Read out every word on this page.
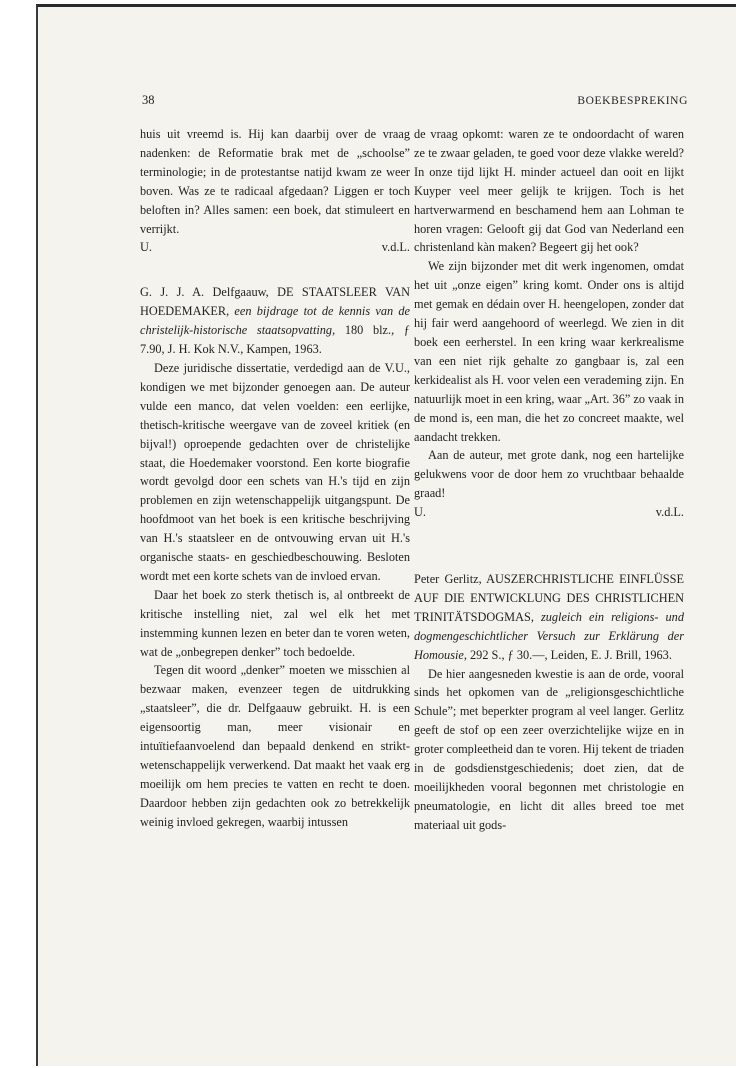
38	BOEKBESPREKING

huis uit vreemd is. Hij kan daarbij over de vraag nadenken: de Reformatie brak met de „schoolse” terminologie; in de protestantse natijd kwam ze weer boven. Was ze te radicaal afgedaan? Liggen er toch beloften in? Alles samen: een boek, dat stimuleert en verrijkt.

U.	v.d.L.

G. J. J. A. Delfgaauw, DE STAATSLEER VAN HOEDEMAKER, een bijdrage tot de kennis van de christelijk-historische staatsopvatting, 180 blz., ƒ 7.90, J. H. Kok N.V., Kampen, 1963.

Deze juridische dissertatie, verdedigd aan de V.U., kondigen we met bijzonder genoegen aan. De auteur vulde een manco, dat velen voelden: een eerlijke, thetisch-kritische weergave van de zoveel kritiek (en bijval!) oproepende gedachten over de christelijke staat, die Hoedemaker voorstond. Een korte biografie wordt gevolgd door een schets van H.'s tijd en zijn problemen en zijn wetenschappelijk uitgangspunt. De hoofdmoot van het boek is een kritische beschrijving van H.'s staatsleer en de ontvouwing ervan uit H.'s organische staats- en geschiedbeschouwing. Besloten wordt met een korte schets van de invloed ervan.

Daar het boek zo sterk thetisch is, al ontbreekt de kritische instelling niet, zal wel elk het met instemming kunnen lezen en beter dan te voren weten, wat de „onbegrepen denker” toch bedoelde.

Tegen dit woord „denker” moeten we misschien al bezwaar maken, evenzeer tegen de uitdrukking „staatsleer”, die dr. Delfgaauw gebruikt. H. is een eigensoortig man, meer visionair en intuïtiefaanvoelend dan bepaald denkend en strikt-wetenschappelijk verwerkend. Dat maakt het vaak erg moeilijk om hem precies te vatten en recht te doen. Daardoor hebben zijn gedachten ook zo betrekkelijk weinig invloed gekregen, waarbij intussen

de vraag opkomt: waren ze te ondoordacht of waren ze te zwaar geladen, te goed voor deze vlakke wereld? In onze tijd lijkt H. minder actueel dan ooit en lijkt Kuyper veel meer gelijk te krijgen. Toch is het hartverwarmend en beschamend hem aan Lohman te horen vragen: Gelooft gij dat God van Nederland een christenland kàn maken? Begeert gij het ook?

We zijn bijzonder met dit werk ingenomen, omdat het uit „onze eigen” kring komt. Onder ons is altijd met gemak en dédain over H. heengelopen, zonder dat hij fair werd aangehoord of weerlegd. We zien in dit boek een eerherstel. In een kring waar kerkrealisme van een niet rijk gehalte zo gangbaar is, zal een kerkidealist als H. voor velen een verademing zijn. En natuurlijk moet in een kring, waar „Art. 36” zo vaak in de mond is, een man, die het zo concreet maakte, wel aandacht trekken.

Aan de auteur, met grote dank, nog een hartelijke gelukwens voor de door hem zo vruchtbaar behaalde graad!

U.	v.d.L.

Peter Gerlitz, AUSZERCHRISTLICHE EINFLÜSSE AUF DIE ENTWICKLUNG DES CHRISTLICHEN TRINITÄTSDOGMAS, zugleich ein religions- und dogmengeschichtlicher Versuch zur Erklärung der Homousie, 292 S., ƒ 30.—, Leiden, E. J. Brill, 1963.

De hier aangesneden kwestie is aan de orde, vooral sinds het opkomen van de „religionsgeschichtliche Schule”; met beperkter program al veel langer. Gerlitz geeft de stof op een zeer overzichtelijke wijze en in groter compleetheid dan te voren. Hij tekent de triaden in de godsdienstgeschiedenis; doet zien, dat de moeilijkheden vooral begonnen met christologie en pneumatologie, en licht dit alles breed toe met materiaal uit gods-
